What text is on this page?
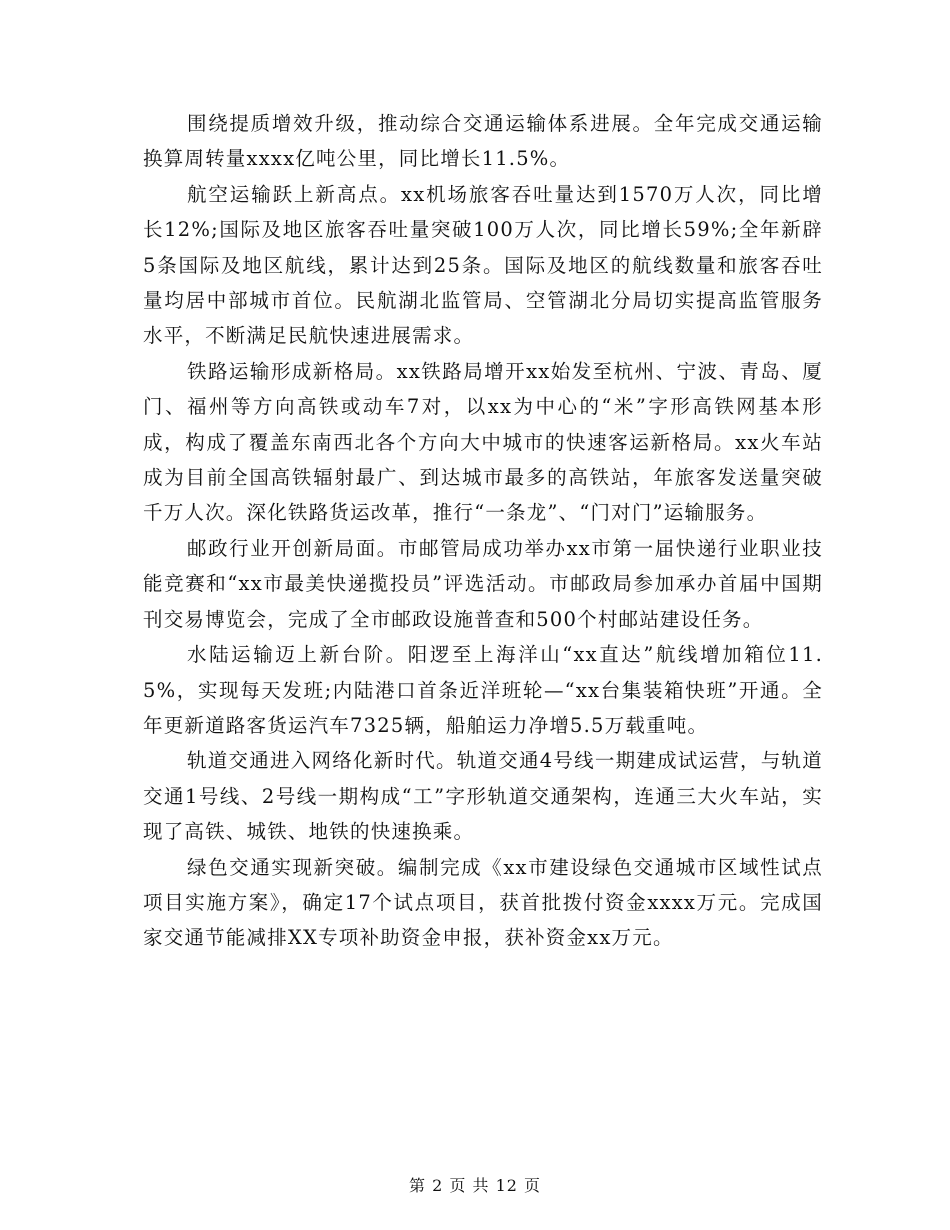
围绕提质增效升级，推动综合交通运输体系进展。全年完成交通运输换算周转量xxxx亿吨公里，同比增长11.5%。

航空运输跃上新高点。xx机场旅客吞吐量达到1570万人次，同比增长12%;国际及地区旅客吞吐量突破100万人次，同比增长59%;全年新辟5条国际及地区航线，累计达到25条。国际及地区的航线数量和旅客吞吐量均居中部城市首位。民航湖北监管局、空管湖北分局切实提高监管服务水平，不断满足民航快速进展需求。

铁路运输形成新格局。xx铁路局增开xx始发至杭州、宁波、青岛、厦门、福州等方向高铁或动车7对，以xx为中心的“米”字形高铁网基本形成，构成了覆盖东南西北各个方向大中城市的快速客运新格局。xx火车站成为目前全国高铁辐射最广、到达城市最多的高铁站，年旅客发送量突破千万人次。深化铁路货运改革，推行“一条龙”、“门对门”运输服务。

邮政行业开创新局面。市邮管局成功举办xx市第一届快递行业职业技能竞赛和“xx市最美快递揽投员”评选活动。市邮政局参加承办首届中国期刊交易博览会，完成了全市邮政设施普查和500个村邮站建设任务。

水陆运输迈上新台阶。阳逻至上海洋山“xx直达”航线增加箱位11.5%，实现每天发班;内陆港口首条近洋班轮—“xx台集装箱快班”开通。全年更新道路客货运汽车7325辆，船舶运力净增5.5万载重吨。

轨道交通进入网络化新时代。轨道交通4号线一期建成试运营，与轨道交通1号线、2号线一期构成“工”字形轨道交通架构，连通三大火车站，实现了高铁、城铁、地铁的快速换乘。

绿色交通实现新突破。编制完成《xx市建设绿色交通城市区域性试点项目实施方案》，确定17个试点项目，获首批拨付资金xxxx万元。完成国家交通节能减排XX专项补助资金申报，获补资金xx万元。

第 2 页 共 12 页
